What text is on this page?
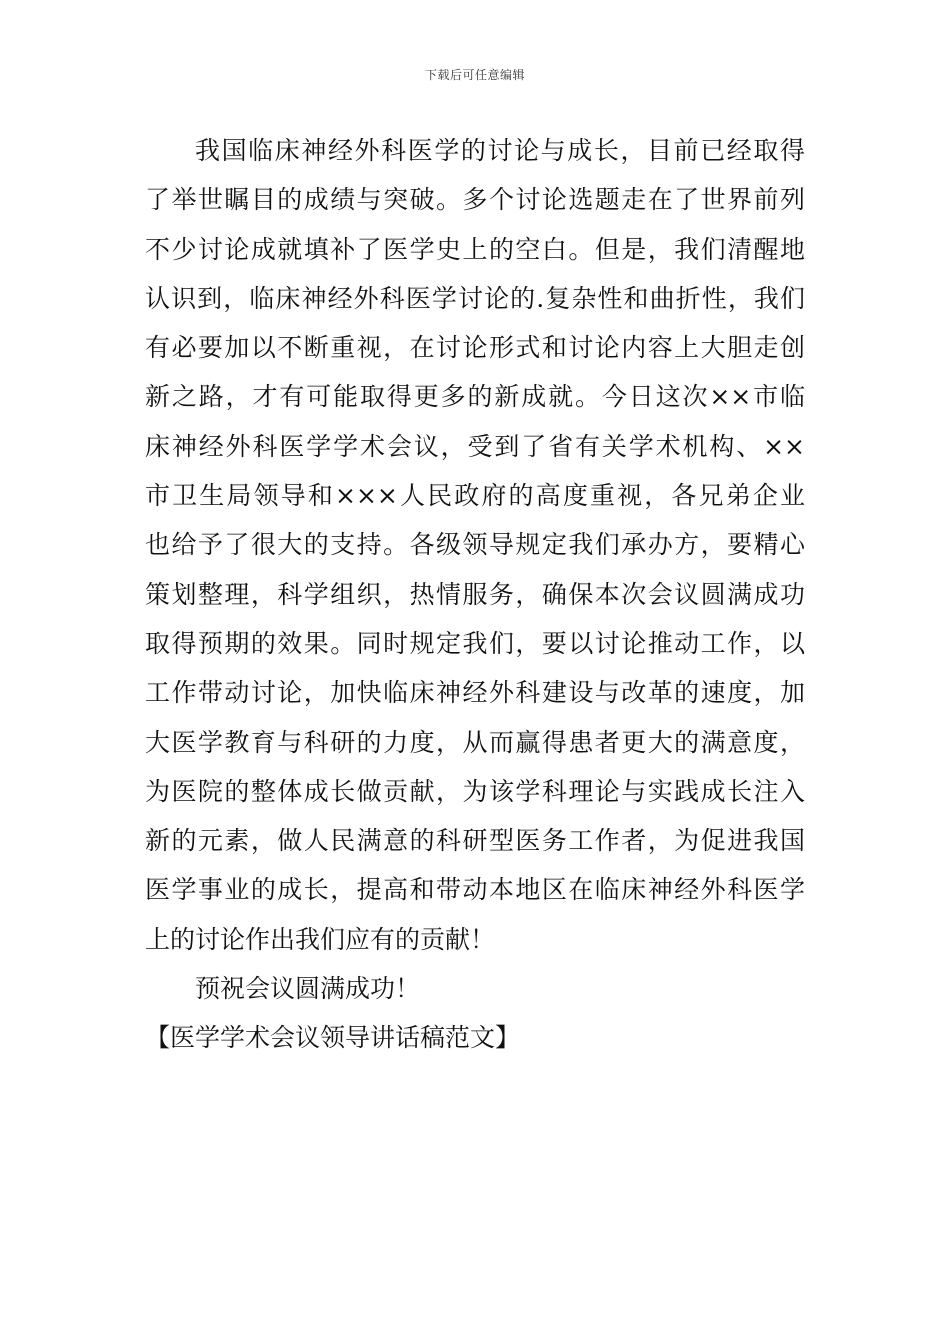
下载后可任意编辑
我国临床神经外科医学的讨论与成长，目前已经取得
了举世瞩目的成绩与突破。多个讨论选题走在了世界前列
不少讨论成就填补了医学史上的空白。但是，我们清醒地
认识到，临床神经外科医学讨论的.复杂性和曲折性，我们
有必要加以不断重视，在讨论形式和讨论内容上大胆走创
新之路，才有可能取得更多的新成就。今日这次××市临
床神经外科医学学术会议，受到了省有关学术机构、××
市卫生局领导和×××人民政府的高度重视，各兄弟企业
也给予了很大的支持。各级领导规定我们承办方，要精心
策划整理，科学组织，热情服务，确保本次会议圆满成功
取得预期的效果。同时规定我们，要以讨论推动工作，以
工作带动讨论，加快临床神经外科建设与改革的速度，加
大医学教育与科研的力度，从而赢得患者更大的满意度，
为医院的整体成长做贡献，为该学科理论与实践成长注入
新的元素，做人民满意的科研型医务工作者，为促进我国
医学事业的成长，提高和带动本地区在临床神经外科医学
上的讨论作出我们应有的贡献！
预祝会议圆满成功！
【医学学术会议领导讲话稿范文】
